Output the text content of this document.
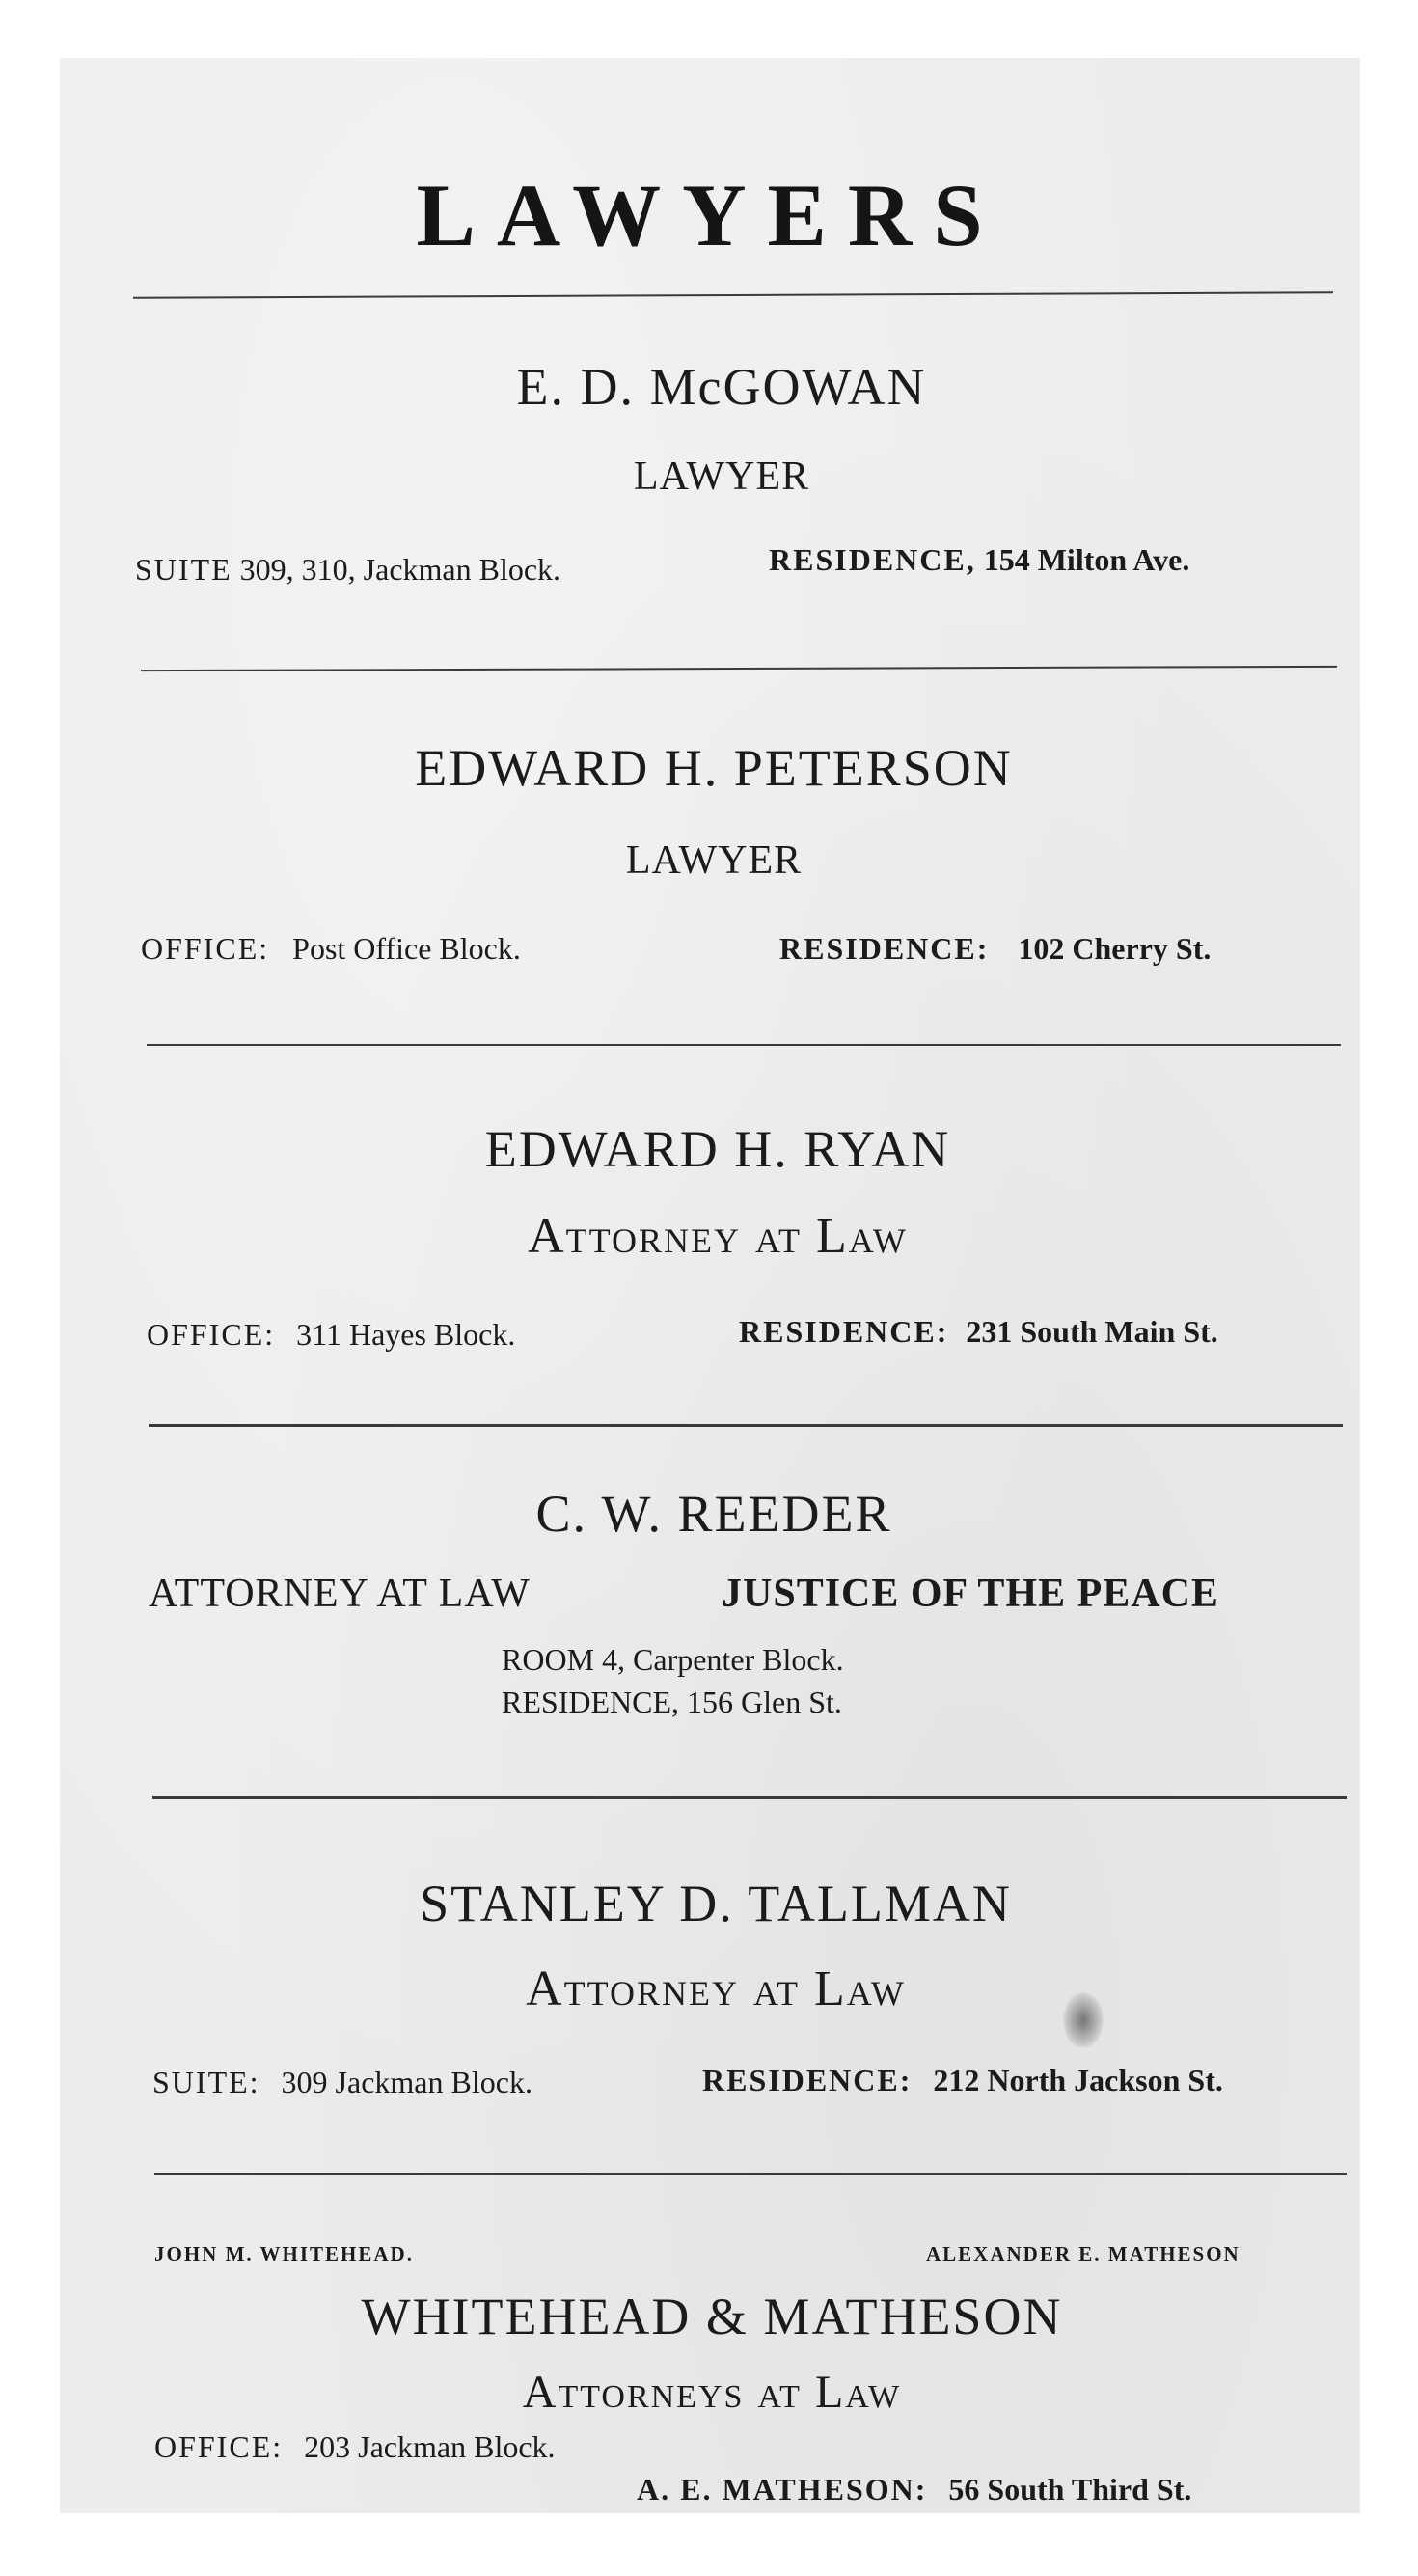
LAWYERS
E. D. McGOWAN
LAWYER
SUITE 309, 310, Jackman Block.	RESIDENCE, 154 Milton Ave.
EDWARD H. PETERSON
LAWYER
OFFICE: Post Office Block.	RESIDENCE: 102 Cherry St.
EDWARD H. RYAN
Attorney at Law
OFFICE: 311 Hayes Block.	RESIDENCE: 231 South Main St.
C. W. REEDER
ATTORNEY AT LAW	JUSTICE OF THE PEACE
ROOM 4, Carpenter Block.
RESIDENCE, 156 Glen St.
STANLEY D. TALLMAN
Attorney at Law
SUITE: 309 Jackman Block.	RESIDENCE: 212 North Jackson St.
JOHN M. WHITEHEAD.	ALEXANDER E. MATHESON
WHITEHEAD & MATHESON
Attorneys at Law
OFFICE: 203 Jackman Block.
A. E. MATHESON: 56 South Third St.
